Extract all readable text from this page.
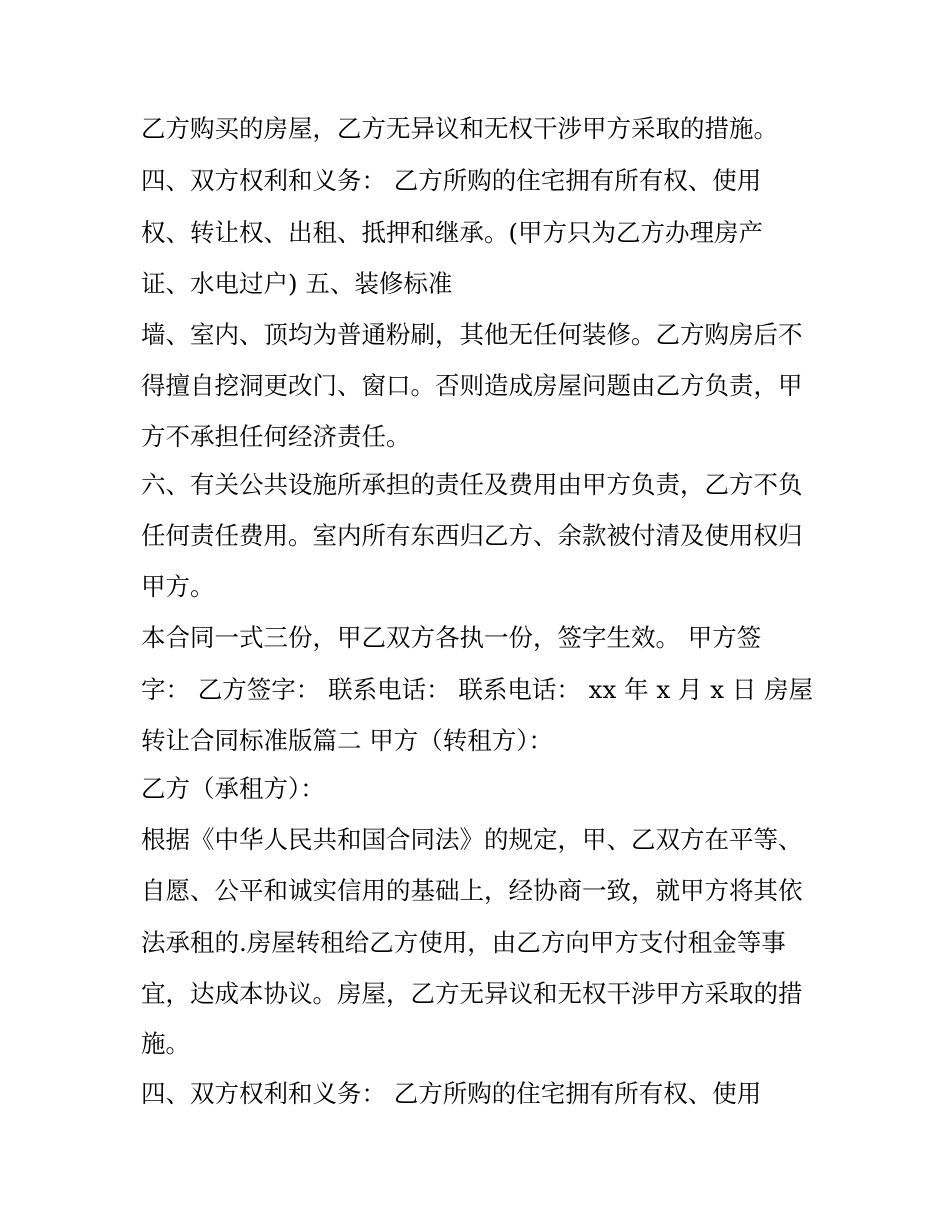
乙方购买的房屋，乙方无异议和无权干涉甲方采取的措施。

四、双方权利和义务： 乙方所购的住宅拥有所有权、使用

权、转让权、出租、抵押和继承。(甲方只为乙方办理房产

证、水电过户) 五、装修标准

墙、室内、顶均为普通粉刷，其他无任何装修。乙方购房后不

得擅自挖洞更改门、窗口。否则造成房屋问题由乙方负责，甲

方不承担任何经济责任。

六、有关公共设施所承担的责任及费用由甲方负责，乙方不负

任何责任费用。室内所有东西归乙方、余款被付清及使用权归

甲方。

本合同一式三份，甲乙双方各执一份，签字生效。 甲方签

字： 乙方签字： 联系电话： 联系电话： xx 年 x 月 x 日 房屋

转让合同标准版篇二 甲方（转租方）：

乙方（承租方）：

根据《中华人民共和国合同法》的规定，甲、乙双方在平等、

自愿、公平和诚实信用的基础上，经协商一致，就甲方将其依

法承租的.房屋转租给乙方使用，由乙方向甲方支付租金等事

宜，达成本协议。房屋，乙方无异议和无权干涉甲方采取的措

施。

四、双方权利和义务： 乙方所购的住宅拥有所有权、使用
